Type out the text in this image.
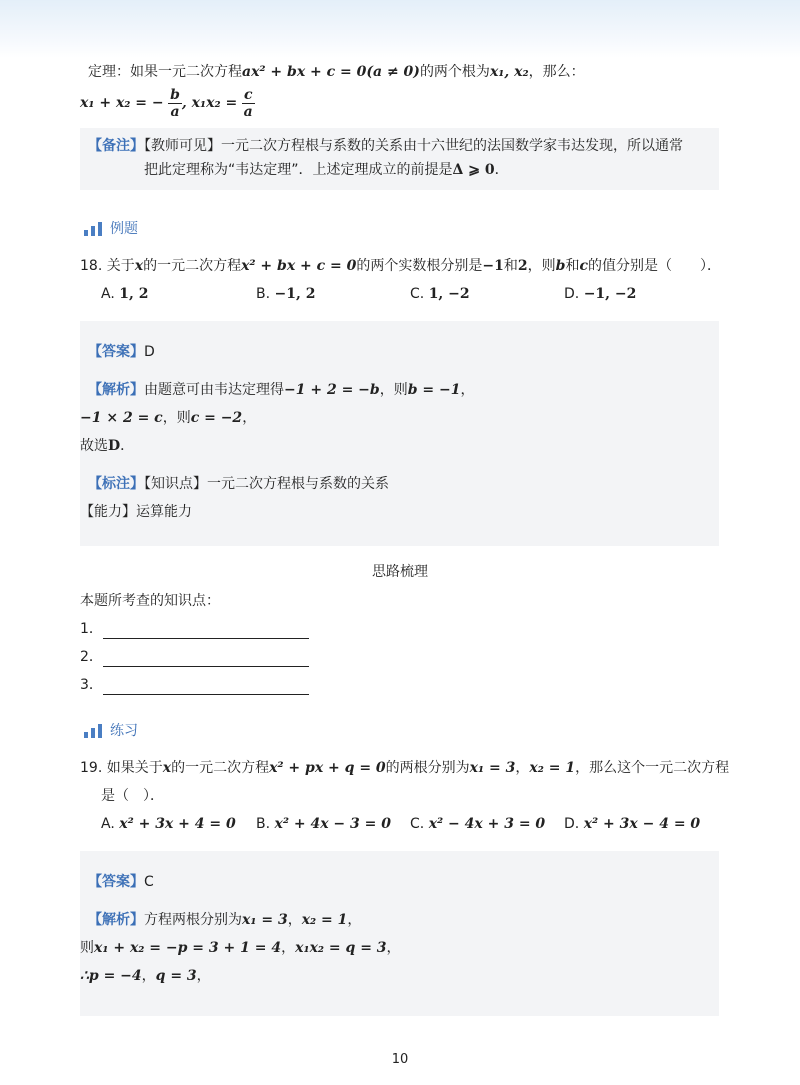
定理：如果一元二次方程ax² + bx + c = 0(a ≠ 0)的两个根为x₁, x₂，那么：
x₁ + x₂ = − $\frac{b}{a}$ , $x_1x_2 = \frac{c}{a}$
【备注】【教师可见】一元二次方程根与系数的关系由十六世纪的法国数学家韦达发现，所以通常
把此定理称为“韦达定理”．上述定理成立的前提是Δ ⩾ 0．
例题
18. 关于x的一元二次方程x² + bx + c = 0的两个实数根分别是−1和2，则b和c的值分别是（　　）．
A. 1, 2	B. −1, 2	C. 1, −2	D. −1, −2
【答案】D
【解析】由题意可由韦达定理得−1 + 2 = −b，则b = −1，
−1 × 2 = c，则c = −2，
故选D．
【标注】【知识点】一元二次方程根与系数的关系
【能力】运算能力
思路梳理
本题所考查的知识点：
1．
2．
3．
练习
19. 如果关于x的一元二次方程x² + px + q = 0的两根分别为x₁ = 3，x₂ = 1，那么这个一元二次方程
是（　）．
A. x² + 3x + 4 = 0 B. x² + 4x − 3 = 0 C. x² − 4x + 3 = 0 D. x² + 3x − 4 = 0
【答案】C
【解析】方程两根分别为x₁ = 3，x₂ = 1，
则x₁ + x₂ = −p = 3 + 1 = 4，x₁x₂ = q = 3，
∴p = −4，q = 3，
10
